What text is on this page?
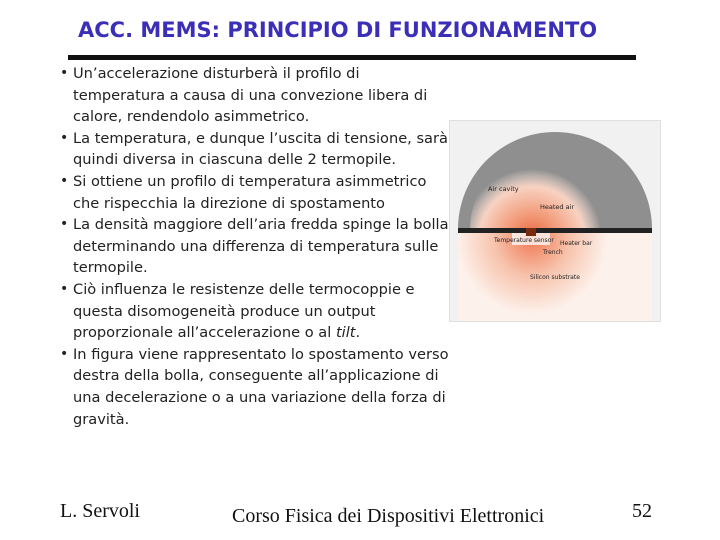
ACC. MEMS: PRINCIPIO DI FUNZIONAMENTO
• Un’accelerazione disturberà il profilo di temperatura a causa di una convezione libera di calore, rendendolo asimmetrico.
• La temperatura, e dunque l’uscita di tensione, sarà quindi diversa in ciascuna delle 2 termopile.
• Si ottiene un profilo di temperatura asimmetrico che rispecchia la direzione di spostamento
• La densità maggiore dell’aria fredda spinge la bolla determinando una differenza di temperatura sulle termopile.
• Ciò influenza le resistenze delle termocoppie e questa disomogeneità produce un output proporzionale all’accelerazione o al tilt.
• In figura viene rappresentato lo spostamento verso destra della bolla, conseguente all’applicazione di una decelerazione o a una variazione della forza di gravità.
Air cavity
Heated air
Temperature sensor Heater bar
Trench
Silicon substrate
L. Servoli	Corso Fisica dei Dispositivi Elettronici	52
